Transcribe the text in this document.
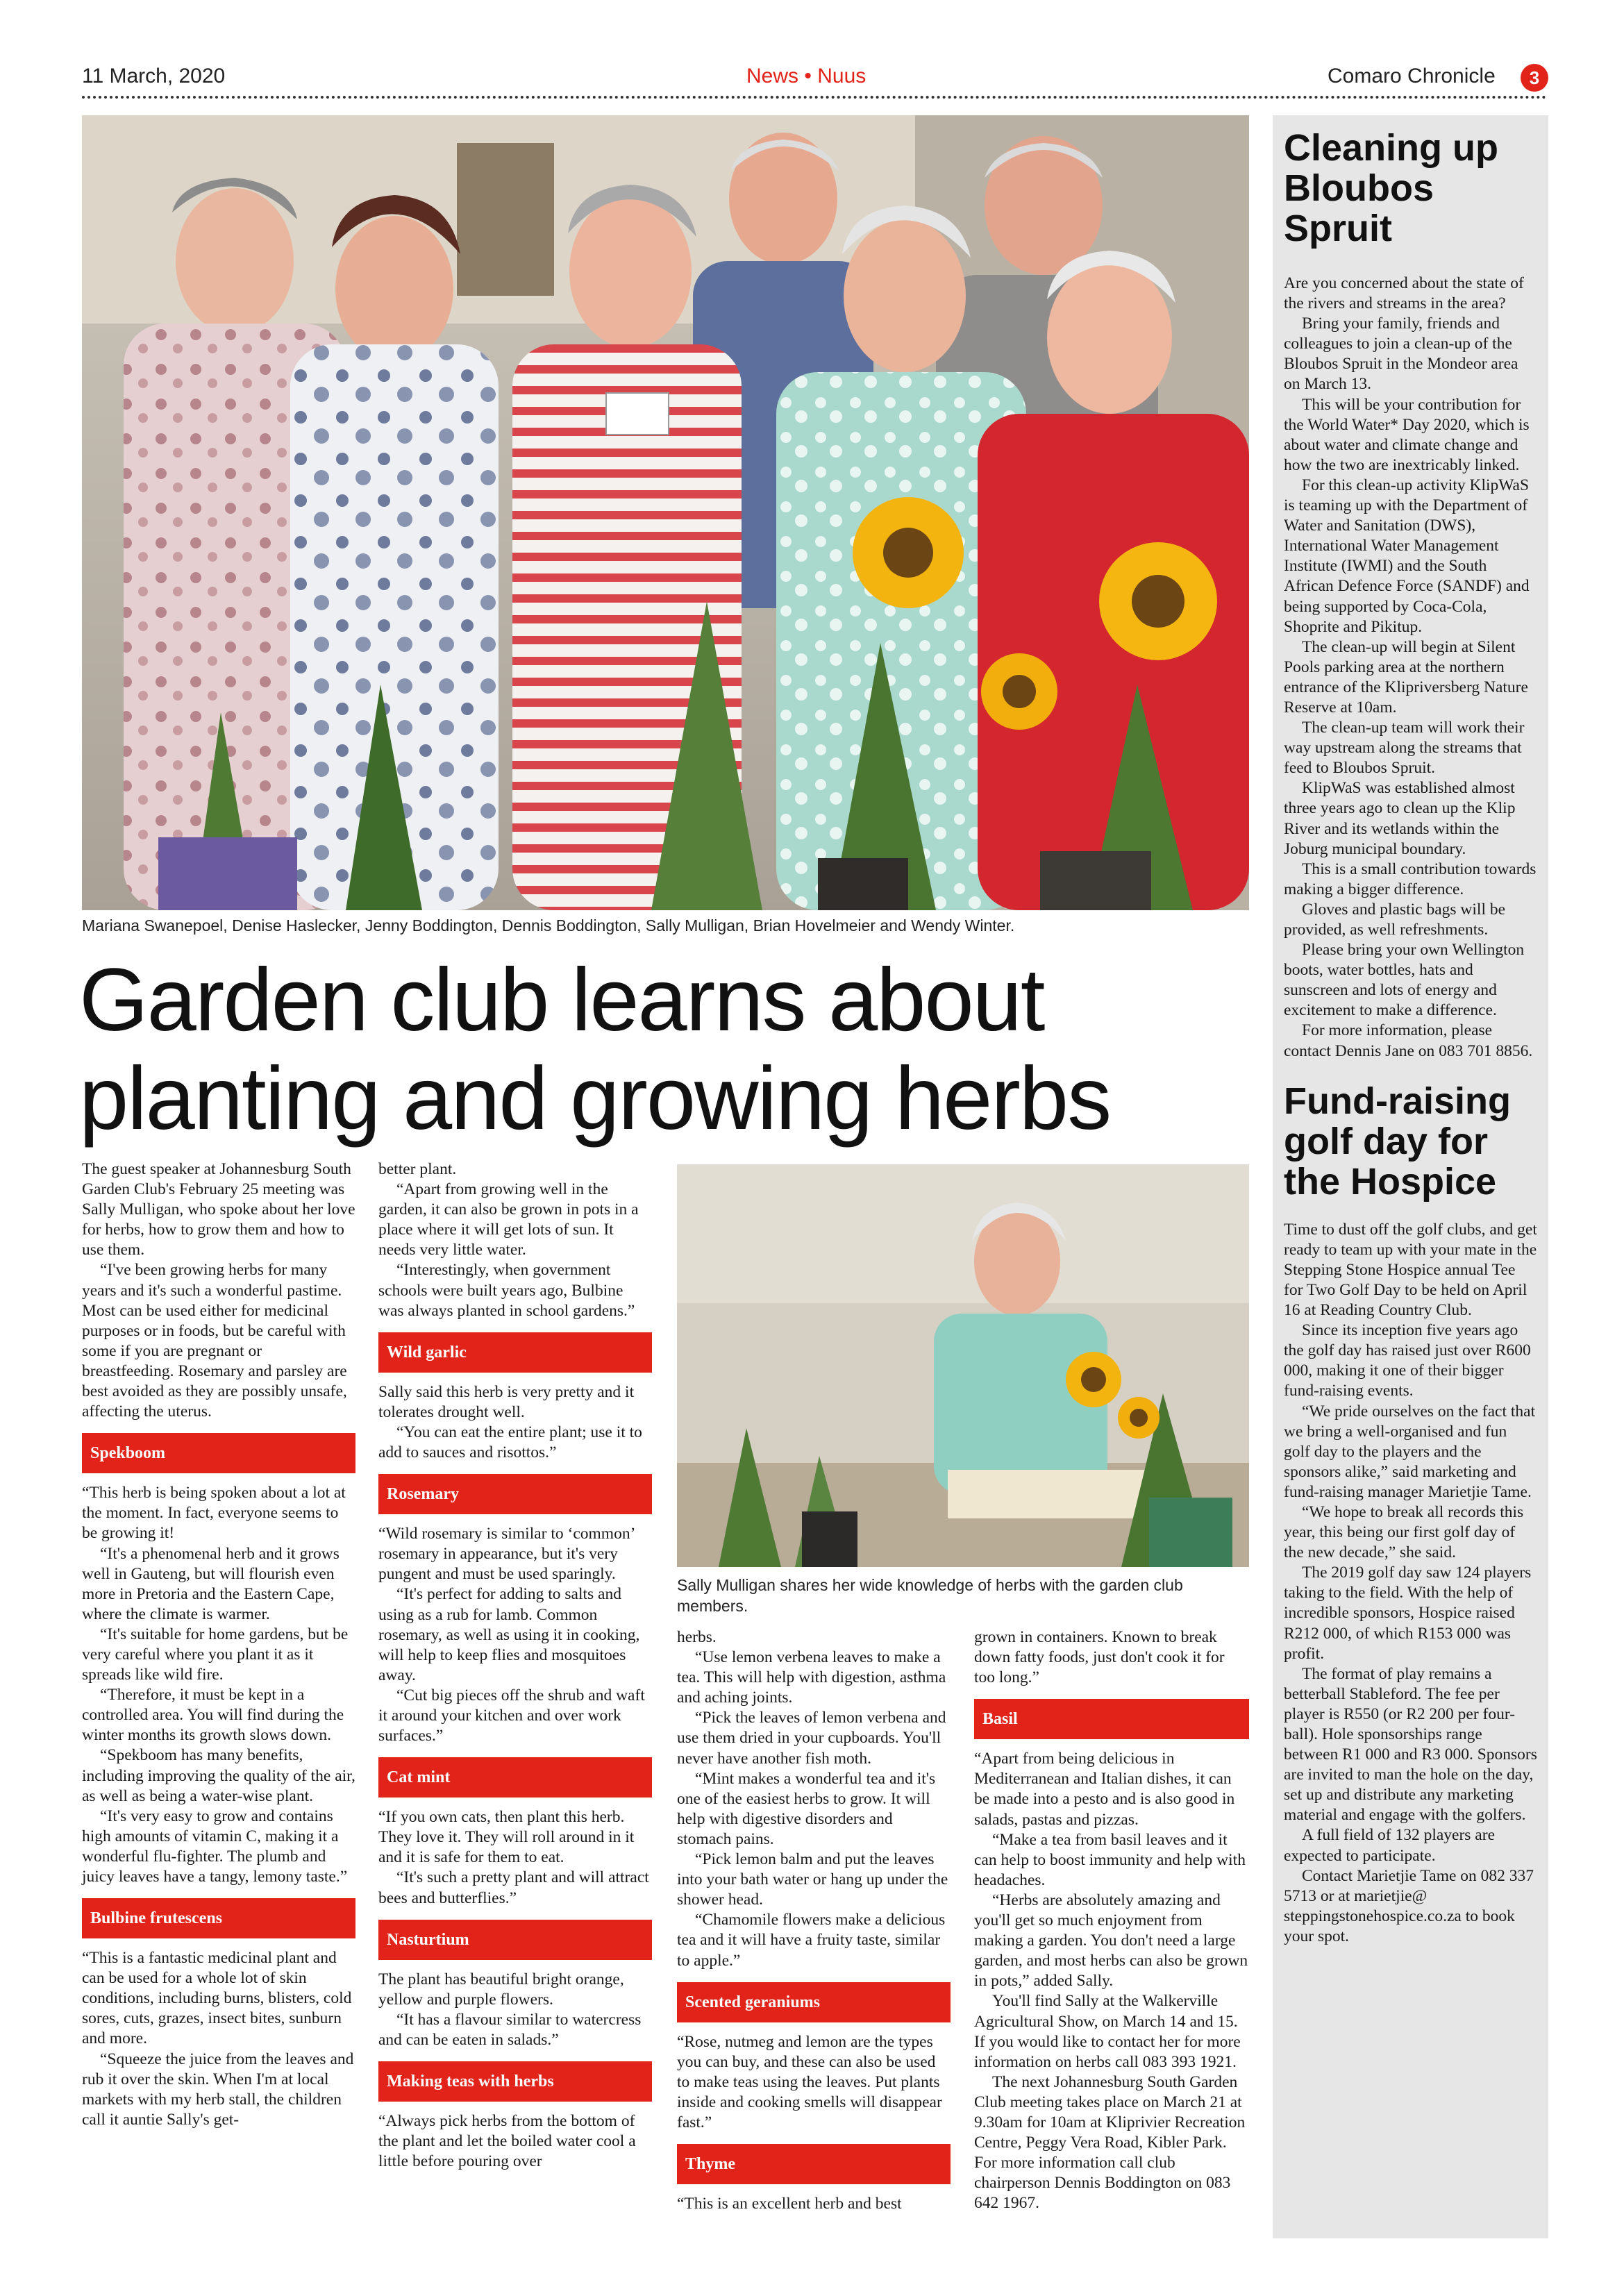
11 March, 2020	News • Nuus	Comaro Chronicle	3
Mariana Swanepoel, Denise Haslecker, Jenny Boddington, Dennis Boddington, Sally Mulligan, Brian Hovelmeier and Wendy Winter.
Garden club learns about
planting and growing herbs

The guest speaker at Johannesburg South Garden Club's February 25 meeting was Sally Mulligan, who spoke about her love for herbs, how to grow them and how to use them.

“I've been growing herbs for many years and it's such a wonderful pastime. Most can be used either for medicinal purposes or in foods, but be careful with some if you are pregnant or breastfeeding. Rosemary and parsley are best avoided as they are possibly unsafe, affecting the uterus.

Spekboom

“This herb is being spoken about a lot at the moment. In fact, everyone seems to be growing it!

“It's a phenomenal herb and it grows well in Gauteng, but will flourish even more in Pretoria and the Eastern Cape, where the climate is warmer.

“It's suitable for home gardens, but be very careful where you plant it as it spreads like wild fire.

“Therefore, it must be kept in a controlled area. You will find during the winter months its growth slows down.

“Spekboom has many benefits, including improving the quality of the air, as well as being a water-wise plant.

“It's very easy to grow and contains high amounts of vitamin C, making it a wonderful flu-fighter. The plumb and juicy leaves have a tangy, lemony taste.”

Bulbine frutescens

“This is a fantastic medicinal plant and can be used for a whole lot of skin conditions, including burns, blisters, cold sores, cuts, grazes, insect bites, sunburn and more.

“Squeeze the juice from the leaves and rub it over the skin. When I'm at local markets with my herb stall, the children call it auntie Sally's get-

better plant.

“Apart from growing well in the garden, it can also be grown in pots in a place where it will get lots of sun. It needs very little water.

“Interestingly, when government schools were built years ago, Bulbine was always planted in school gardens.”

Wild garlic

Sally said this herb is very pretty and it tolerates drought well.

“You can eat the entire plant; use it to add to sauces and risottos.”

Rosemary

“Wild rosemary is similar to ‘common’ rosemary in appearance, but it's very pungent and must be used sparingly.

“It's perfect for adding to salts and using as a rub for lamb. Common rosemary, as well as using it in cooking, will help to keep flies and mosquitoes away.

“Cut big pieces off the shrub and waft it around your kitchen and over work surfaces.”

Cat mint

“If you own cats, then plant this herb. They love it. They will roll around in it and it is safe for them to eat.

“It's such a pretty plant and will attract bees and butterflies.”

Nasturtium

The plant has beautiful bright orange, yellow and purple flowers.

“It has a flavour similar to watercress and can be eaten in salads.”

Making teas with herbs

“Always pick herbs from the bottom of the plant and let the boiled water cool a little before pouring over

Sally Mulligan shares her wide knowledge of herbs with the garden club members.

herbs.

“Use lemon verbena leaves to make a tea. This will help with digestion, asthma and aching joints.

“Pick the leaves of lemon verbena and use them dried in your cupboards. You'll never have another fish moth.

“Mint makes a wonderful tea and it's one of the easiest herbs to grow. It will help with digestive disorders and stomach pains.

“Pick lemon balm and put the leaves into your bath water or hang up under the shower head.

“Chamomile flowers make a delicious tea and it will have a fruity taste, similar to apple.”

Scented geraniums

“Rose, nutmeg and lemon are the types you can buy, and these can also be used to make teas using the leaves. Put plants inside and cooking smells will disappear fast.”

Thyme

“This is an excellent herb and best

grown in containers. Known to break down fatty foods, just don't cook it for too long.”

Basil

“Apart from being delicious in Mediterranean and Italian dishes, it can be made into a pesto and is also good in salads, pastas and pizzas.

“Make a tea from basil leaves and it can help to boost immunity and help with headaches.

“Herbs are absolutely amazing and you'll get so much enjoyment from making a garden. You don't need a large garden, and most herbs can also be grown in pots,” added Sally.

You'll find Sally at the Walkerville Agricultural Show, on March 14 and 15. If you would like to contact her for more information on herbs call 083 393 1921.

The next Johannesburg South Garden Club meeting takes place on March 21 at 9.30am for 10am at Kliprivier Recreation Centre, Peggy Vera Road, Kibler Park. For more information call club chairperson Dennis Boddington on 083 642 1967.

Cleaning up Bloubos Spruit

Are you concerned about the state of the rivers and streams in the area?

Bring your family, friends and colleagues to join a clean-up of the Bloubos Spruit in the Mondeor area on March 13.

This will be your contribution for the World Water* Day 2020, which is about water and climate change and how the two are inextricably linked.

For this clean-up activity KlipWaS is teaming up with the Department of Water and Sanitation (DWS), International Water Management Institute (IWMI) and the South African Defence Force (SANDF) and being supported by Coca-Cola, Shoprite and Pikitup.

The clean-up will begin at Silent Pools parking area at the northern entrance of the Klipriversberg Nature Reserve at 10am.

The clean-up team will work their way upstream along the streams that feed to Bloubos Spruit.

KlipWaS was established almost three years ago to clean up the Klip River and its wetlands within the Joburg municipal boundary.

This is a small contribution towards making a bigger difference.

Gloves and plastic bags will be provided, as well refreshments.

Please bring your own Wellington boots, water bottles, hats and sunscreen and lots of energy and excitement to make a difference.

For more information, please contact Dennis Jane on 083 701 8856.

Fund-raising golf day for the Hospice

Time to dust off the golf clubs, and get ready to team up with your mate in the Stepping Stone Hospice annual Tee for Two Golf Day to be held on April 16 at Reading Country Club.

Since its inception five years ago the golf day has raised just over R600 000, making it one of their bigger fund-raising events.

“We pride ourselves on the fact that we bring a well-organised and fun golf day to the players and the sponsors alike,” said marketing and fund-raising manager Marietjie Tame.

“We hope to break all records this year, this being our first golf day of the new decade,” she said.

The 2019 golf day saw 124 players taking to the field. With the help of incredible sponsors, Hospice raised R212 000, of which R153 000 was profit.

The format of play remains a betterball Stableford. The fee per player is R550 (or R2 200 per four-ball). Hole sponsorships range between R1 000 and R3 000. Sponsors are invited to man the hole on the day, set up and distribute any marketing material and engage with the golfers.

A full field of 132 players are expected to participate.

Contact Marietjie Tame on 082 337 5713 or at marietjie@ steppingstonehospice.co.za to book your spot.
